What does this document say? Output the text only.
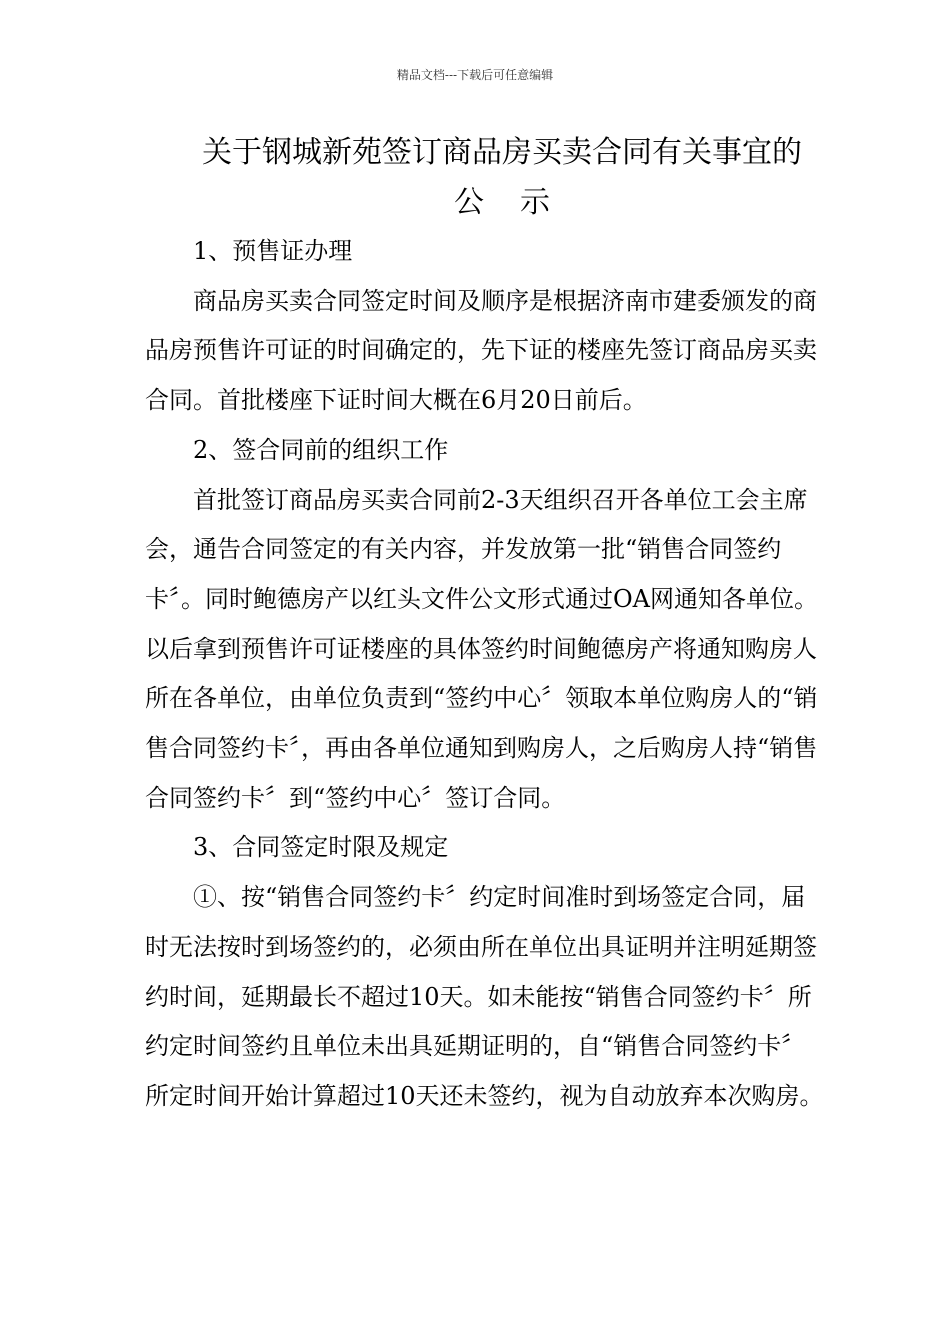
精品文档---下载后可任意编辑
关于钢城新苑签订商品房买卖合同有关事宜的
公示

1、预售证办理

商品房买卖合同签定时间及顺序是根据济南市建委颁发的商品房预售许可证的时间确定的，先下证的楼座先签订商品房买卖合同。首批楼座下证时间大概在6月20日前后。

2、签合同前的组织工作

首批签订商品房买卖合同前2-3天组织召开各单位工会主席会，通告合同签定的有关内容，并发放第一批“销售合同签约卡〞。同时鲍德房产以红头文件公文形式通过OA网通知各单位。以后拿到预售许可证楼座的具体签约时间鲍德房产将通知购房人所在各单位，由单位负责到“签约中心〞领取本单位购房人的“销售合同签约卡〞，再由各单位通知到购房人，之后购房人持“销售合同签约卡〞到“签约中心〞签订合同。

3、合同签定时限及规定

①、按“销售合同签约卡〞约定时间准时到场签定合同，届时无法按时到场签约的，必须由所在单位出具证明并注明延期签约时间，延期最长不超过10天。如未能按“销售合同签约卡〞所约定时间签约且单位未出具延期证明的，自“销售合同签约卡〞所定时间开始计算超过10天还未签约，视为自动放弃本次购房。
